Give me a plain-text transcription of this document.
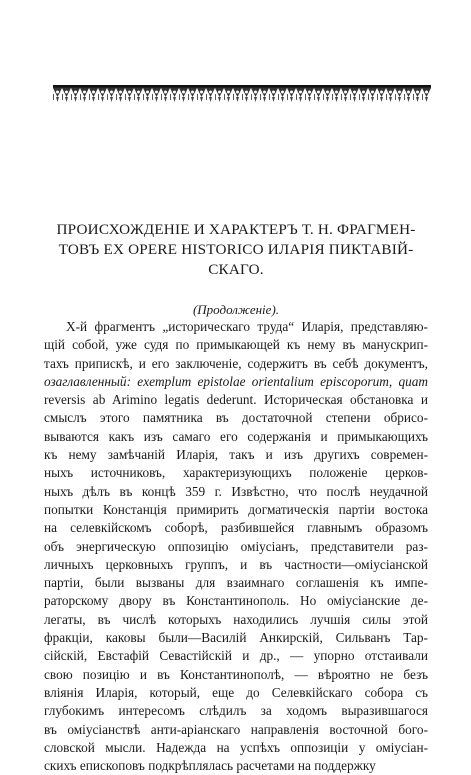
ПРОИСХОЖДЕНІЕ И ХАРАКТЕРЪ Т. Н. ФРАГМЕН-
ТОВЪ EX OPERE HISTORICO ИЛАРІЯ ПИКТАВІЙ-
СКАГО.
(Продолженіе).
X-й фрагментъ „историческаго труда“ Иларія, представляю-
щій собой, уже судя по примыкающей къ нему въ манускрип-
тахъ припискѣ, и его заключеніе, содержитъ въ себѣ документъ,
озаглавленный: exemplum epistolae orientalium episcoporum, quam
reversis ab Arimino legatis dederunt. Историческая обстановка и
смыслъ этого памятника въ достаточной степени обрисо-
вываются какъ изъ самаго его содержанія и примыкающихъ
къ нему замѣчаній Иларія, такъ и изъ другихъ современ-
ныхъ источниковъ, характеризующихъ положеніе церков-
ныхъ дѣлъ въ концѣ 359 г. Извѣстно, что послѣ неудачной
попытки Констанція примирить догматическія партіи востока
на селевкійскомъ соборѣ, разбившейся главнымъ образомъ
объ энергическую оппозицію омiусіанъ, представители раз-
личныхъ церковныхъ группъ, и въ частности—омiусіанской
партіи, были вызваны для взаимнаго соглашенія къ импе-
раторскому двору въ Константинополь. Но омiусіанские де-
легаты, въ числѣ которыхъ находились лучшія силы этой
фракціи, каковы были—Василій Анкирскій, Сильванъ Тар-
сійскій, Евстафій Севастійскій и др., — упорно отстаивали
свою позицію и въ Константинополѣ, — вѣроятно не безъ
вліянія Иларія, который, еще до Селевкійскаго собора съ
глубокимъ интересомъ слѣдилъ за ходомъ выразившагося
въ омiусіанствѣ анти-аріанскаго направленія восточной бого-
словской мысли. Надежда на успѣхъ оппозиціи у омiусіан-
скихъ епископовъ подкрѣплялась расчетами на поддержку
